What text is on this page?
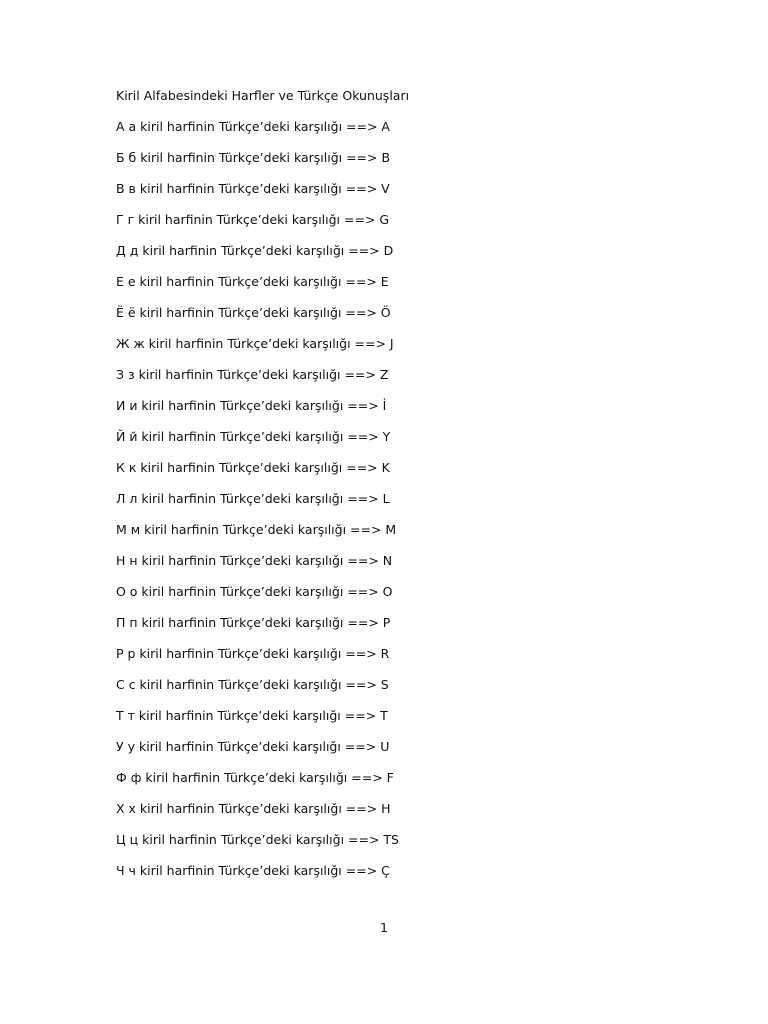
Kiril Alfabesindeki Harfler ve Türkçe Okunuşları
А а kiril harfinin Türkçe’deki karşılığı ==> A
Б б kiril harfinin Türkçe’deki karşılığı ==> B
В в kiril harfinin Türkçe’deki karşılığı ==> V
Г г kiril harfinin Türkçe’deki karşılığı ==> G
Д д kiril harfinin Türkçe’deki karşılığı ==> D
Е е kiril harfinin Türkçe’deki karşılığı ==> E
Ё ё kiril harfinin Türkçe’deki karşılığı ==> Ö
Ж ж kiril harfinin Türkçe’deki karşılığı ==> J
З з kiril harfinin Türkçe’deki karşılığı ==> Z
И и kiril harfinin Türkçe’deki karşılığı ==> İ
Й й kiril harfinin Türkçe’deki karşılığı ==> Y
К к kiril harfinin Türkçe’deki karşılığı ==> K
Л л kiril harfinin Türkçe’deki karşılığı ==> L
М м kiril harfinin Türkçe’deki karşılığı ==> M
Н н kiril harfinin Türkçe’deki karşılığı ==> N
О о kiril harfinin Türkçe’deki karşılığı ==> O
П п kiril harfinin Türkçe’deki karşılığı ==> P
Р р kiril harfinin Türkçe’deki karşılığı ==> R
С с kiril harfinin Türkçe’deki karşılığı ==> S
Т т kiril harfinin Türkçe’deki karşılığı ==> T
У у kiril harfinin Türkçe’deki karşılığı ==> U
Ф ф kiril harfinin Türkçe’deki karşılığı ==> F
Х х kiril harfinin Türkçe’deki karşılığı ==> H
Ц ц kiril harfinin Türkçe’deki karşılığı ==> TS
Ч ч kiril harfinin Türkçe’deki karşılığı ==> Ç
1
